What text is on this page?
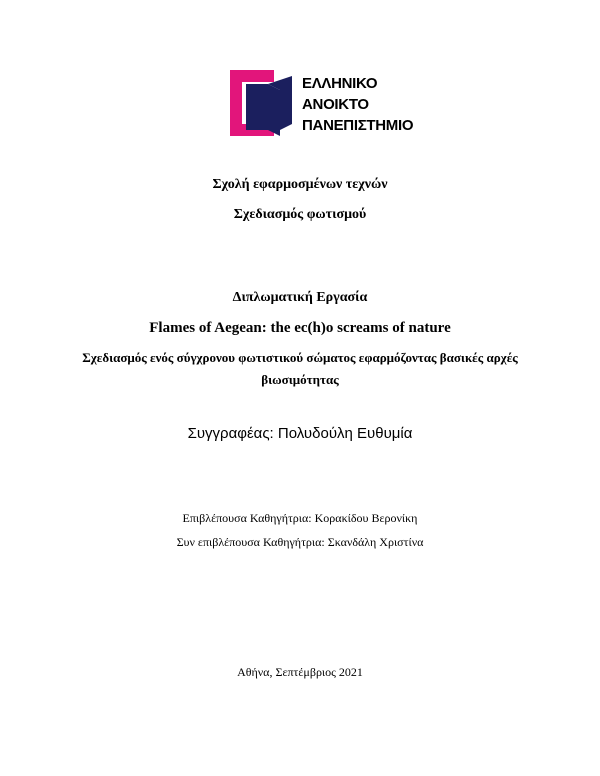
ΕΛΛΗΝΙΚΟ
ΑΝΟΙΚΤΟ
ΠΑΝΕΠΙΣΤΗΜΙΟ
Σχολή εφαρμοσμένων τεχνών
Σχεδιασμός φωτισμού
Διπλωματική Εργασία
Flames of Aegean: the ec(h)o screams of nature
Σχεδιασμός ενός σύγχρονου φωτιστικού σώματος εφαρμόζοντας βασικές αρχές
βιωσιμότητας
Συγγραφέας: Πολυδούλη Ευθυμία
Επιβλέπουσα Καθηγήτρια: Κορακίδου Βερονίκη
Συν επιβλέπουσα Καθηγήτρια: Σκανδάλη Χριστίνα
Αθήνα, Σεπτέμβριος 2021
